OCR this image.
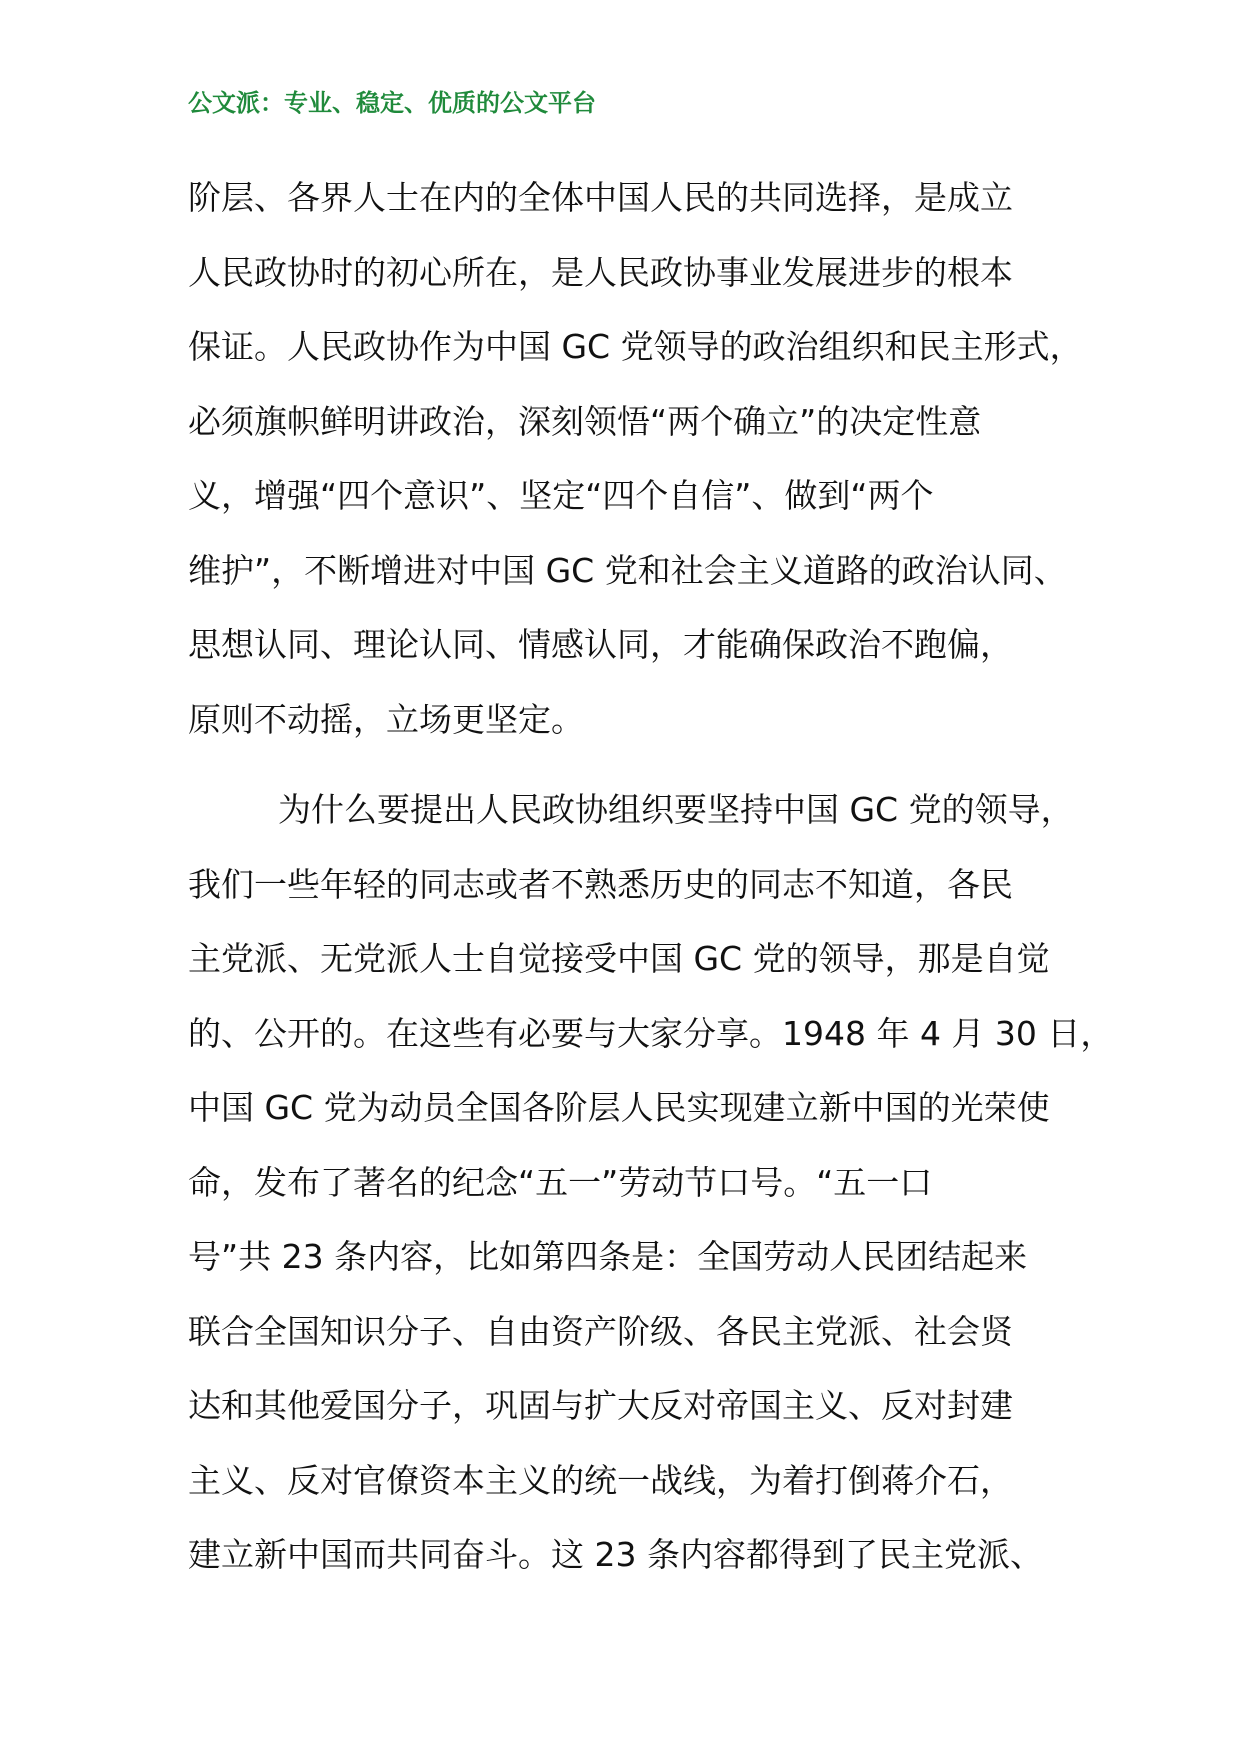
公文派：专业、稳定、优质的公文平台
阶层、各界人士在内的全体中国人民的共同选择，是成立
人民政协时的初心所在，是人民政协事业发展进步的根本
保证。人民政协作为中国 GC 党领导的政治组织和民主形式，
必须旗帜鲜明讲政治，深刻领悟“两个确立”的决定性意
义，增强“四个意识”、坚定“四个自信”、做到“两个
维护”，不断增进对中国 GC 党和社会主义道路的政治认同、
思想认同、理论认同、情感认同，才能确保政治不跑偏，
原则不动摇，立场更坚定。
为什么要提出人民政协组织要坚持中国 GC 党的领导，
我们一些年轻的同志或者不熟悉历史的同志不知道，各民
主党派、无党派人士自觉接受中国 GC 党的领导，那是自觉
的、公开的。在这些有必要与大家分享。1948 年 4 月 30 日，
中国 GC 党为动员全国各阶层人民实现建立新中国的光荣使
命，发布了著名的纪念“五一”劳动节口号。“五一口
号”共 23 条内容，比如第四条是：全国劳动人民团结起来
联合全国知识分子、自由资产阶级、各民主党派、社会贤
达和其他爱国分子，巩固与扩大反对帝国主义、反对封建
主义、反对官僚资本主义的统一战线，为着打倒蒋介石，
建立新中国而共同奋斗。这 23 条内容都得到了民主党派、
